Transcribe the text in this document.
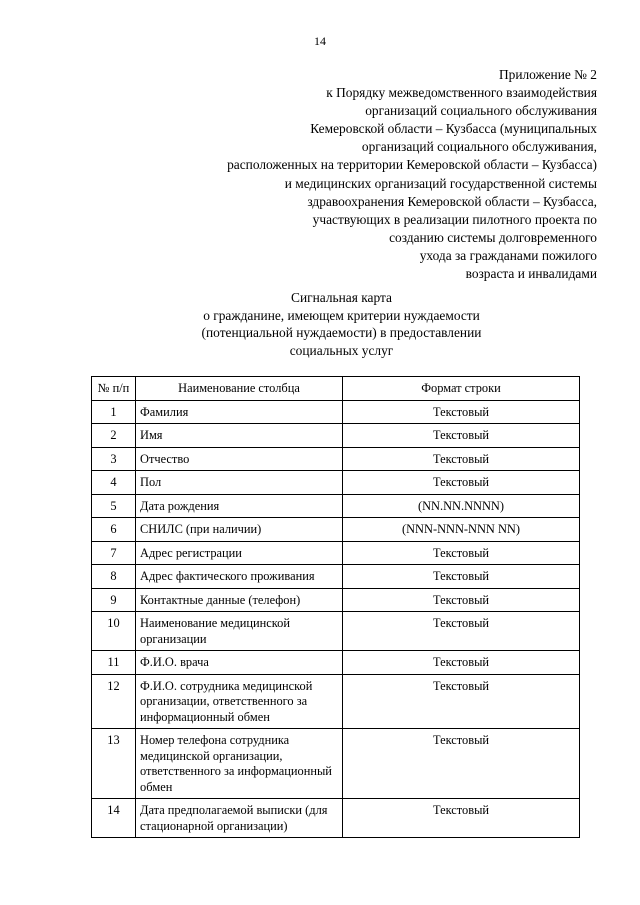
14
Приложение № 2
к Порядку межведомственного взаимодействия
организаций социального обслуживания
Кемеровской области – Кузбасса (муниципальных
организаций социального обслуживания,
расположенных на территории Кемеровской области – Кузбасса)
и медицинских организаций государственной системы
здравоохранения Кемеровской области – Кузбасса,
участвующих в реализации пилотного проекта по
созданию системы долговременного
ухода за гражданами пожилого
возраста и инвалидами
Сигнальная карта
о гражданине, имеющем критерии нуждаемости
(потенциальной нуждаемости) в предоставлении
социальных услуг
№ п/п	Наименование столбца	Формат строки
1	Фамилия	Текстовый
2	Имя	Текстовый
3	Отчество	Текстовый
4	Пол	Текстовый
5	Дата рождения	(NN.NN.NNNN)
6	СНИЛС (при наличии)	(NNN-NNN-NNN NN)
7	Адрес регистрации	Текстовый
8	Адрес фактического проживания	Текстовый
9	Контактные данные (телефон)	Текстовый
10	Наименование медицинской организации	Текстовый
11	Ф.И.О. врача	Текстовый
12	Ф.И.О. сотрудника медицинской организации, ответственного за информационный обмен	Текстовый
13	Номер телефона сотрудника медицинской организации, ответственного за информационный обмен	Текстовый
14	Дата предполагаемой выписки (для стационарной организации)	Текстовый
